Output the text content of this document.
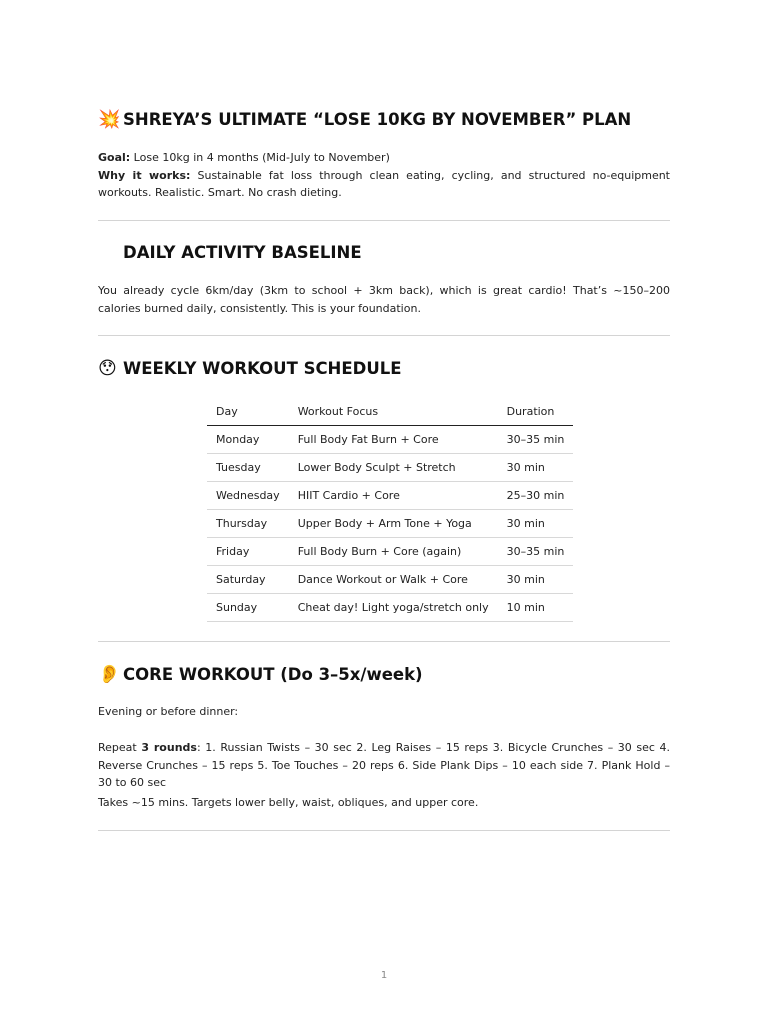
💥 SHREYA’S ULTIMATE “LOSE 10KG BY NOVEMBER” PLAN

Goal: Lose 10kg in 4 months (Mid-July to November)

Why it works: Sustainable fat loss through clean eating, cycling, and structured no-equipment workouts. Realistic. Smart. No crash dieting.

DAILY ACTIVITY BASELINE

You already cycle 6km/day (3km to school + 3km back), which is great cardio! That’s ~150–200 calories burned daily, consistently. This is your foundation.

😯 WEEKLY WORKOUT SCHEDULE
Day	Workout Focus	Duration
Monday	Full Body Fat Burn + Core	30–35 min
Tuesday	Lower Body Sculpt + Stretch	30 min
Wednesday	HIIT Cardio + Core	25–30 min
Thursday	Upper Body + Arm Tone + Yoga	30 min
Friday	Full Body Burn + Core (again)	30–35 min
Saturday	Dance Workout or Walk + Core	30 min
Sunday	Cheat day! Light yoga/stretch only	10 min
👂 CORE WORKOUT (Do 3–5x/week)

Evening or before dinner:

Repeat 3 rounds: 1. Russian Twists – 30 sec 2. Leg Raises – 15 reps 3. Bicycle Crunches – 30 sec 4. Reverse Crunches – 15 reps 5. Toe Touches – 20 reps 6. Side Plank Dips – 10 each side 7. Plank Hold – 30 to 60 sec

Takes ~15 mins. Targets lower belly, waist, obliques, and upper core.

1
